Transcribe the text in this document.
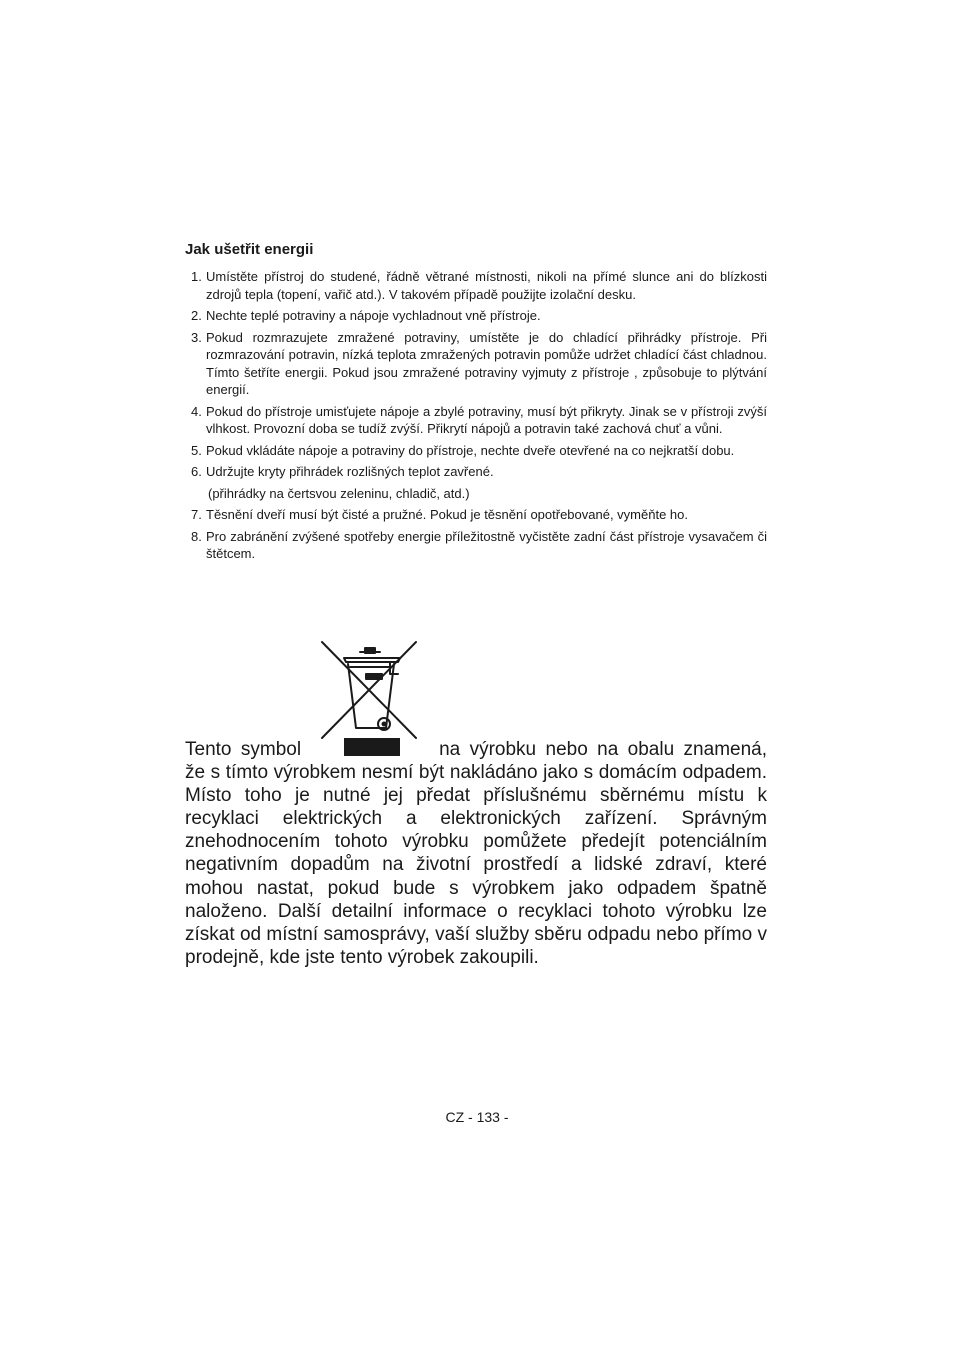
Jak ušetřit energii
1. Umístěte přístroj do studené, řádně větrané místnosti, nikoli na přímé slunce ani do blízkosti zdrojů tepla (topení, vařič atd.). V takovém případě použijte izolační desku.
2. Nechte teplé potraviny a nápoje vychladnout vně přístroje.
3. Pokud rozmrazujete zmražené potraviny, umístěte je do chladící přihrádky přístroje. Při rozmrazování potravin, nízká teplota zmražených potravin pomůže udržet chladící část chladnou. Tímto šetříte energii. Pokud jsou zmražené potraviny vyjmuty z přístroje , způsobuje to plýtvání energií.
4. Pokud do přístroje umisťujete nápoje a zbylé potraviny, musí být přikryty. Jinak se v přístroji zvýší vlhkost. Provozní doba se tudíž zvýší. Přikrytí nápojů a potravin také zachová chuť a vůni.
5. Pokud vkládáte nápoje a potraviny do přístroje, nechte dveře otevřené na co nejkratší dobu.
6. Udržujte kryty přihrádek rozlišných teplot zavřené.
(přihrádky na čertsvou zeleninu, chladič, atd.)
7. Těsnění dveří musí být čisté a pružné. Pokud je těsnění opotřebované, vyměňte ho.
8. Pro zabránění zvýšené spotřeby energie příležitostně vyčistěte zadní část přístroje vysavačem či štětcem.

Tento symbol	na výrobku nebo na obalu znamená, že s tímto výrobkem nesmí být nakládáno jako s domácím odpadem. Místo toho je nutné jej předat příslušnému sběrnému místu k recyklaci elektrických a elektronických zařízení. Správným znehodnocením tohoto výrobku pomůžete předejít potenciálním negativním dopadům na životní prostředí a lidské zdraví, které mohou nastat, pokud bude s výrobkem jako odpadem špatně naloženo. Další detailní informace o recyklaci tohoto výrobku lze získat od místní samosprávy, vaší služby sběru odpadu nebo přímo v prodejně, kde jste tento výrobek zakoupili.

CZ - 133 -
